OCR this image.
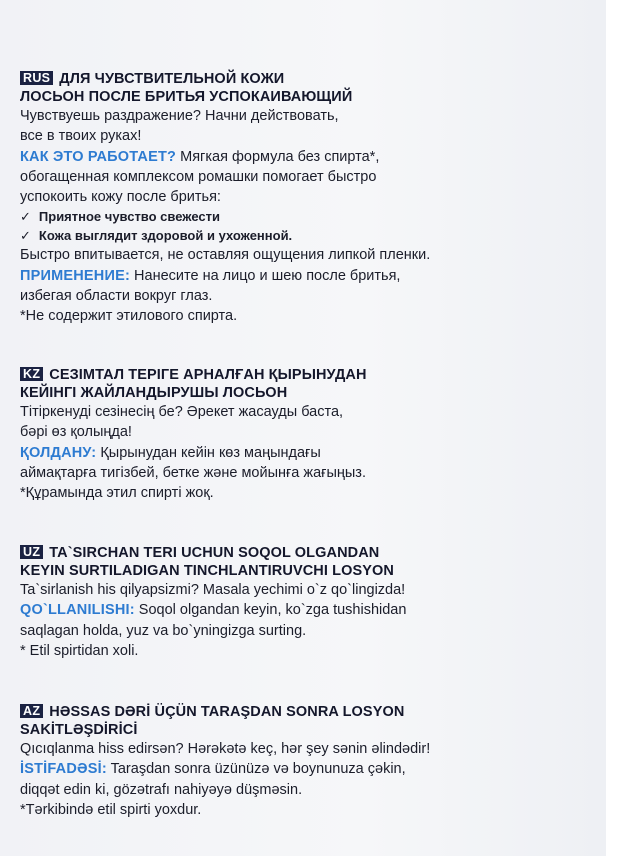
RUS ДЛЯ ЧУВСТВИТЕЛЬНОЙ КОЖИ

ЛОСЬОН ПОСЛЕ БРИТЬЯ УСПОКАИВАЮЩИЙ

Чувствуешь раздражение? Начни действовать,

все в твоих руках!

КАК ЭТО РАБОТАЕТ? Мягкая формула без спирта*,

обогащенная комплексом ромашки помогает быстро

успокоить кожу после бритья:

✓ Приятное чувство свежести

✓ Кожа выглядит здоровой и ухоженной.

Быстро впитывается, не оставляя ощущения липкой пленки.

ПРИМЕНЕНИЕ: Нанесите на лицо и шею после бритья,

избегая области вокруг глаз.

*Не содержит этилового спирта.

KZ СЕЗІМТАЛ ТЕРІГЕ АРНАЛҒАН ҚЫРЫНУДАН

КЕЙІНГІ ЖАЙЛАНДЫРУШЫ ЛОСЬОН

Тітіркенуді сезінесің бе? Әрекет жасауды баста,

бәрі өз қолыңда!

ҚОЛДАНУ: Қырынудан кейін көз маңындағы

аймақтарға тигізбей, бетке және мойынға жағыңыз.

*Құрамында этил спирті жоқ.

UZ TA`SIRCHAN TERI UCHUN SOQOL OLGANDAN

KEYIN SURTILADIGAN TINCHLANTIRUVCHI LOSYON

Ta`sirlanish his qilyapsizmi? Masala yechimi o`z qo`lingizda!

QO`LLANILISHI: Soqol olgandan keyin, ko`zga tushishidan

saqlagan holda, yuz va bo`yningizga surting.

* Etil spirtidan xoli.

AZ HƏSSAS DƏRİ ÜÇÜN TARAŞDAN SONRA LOSYON

SAKİTLƏŞDİRİCİ

Qıcıqlanma hiss edirsən? Hərəkətə keç, hər şey sənin əlindədir!

İSTİFADƏSİ: Taraşdan sonra üzünüzə və boynunuza çəkin,

diqqət edin ki, gözətrafı nahiyəyə düşməsin.

*Tərkibində etil spirti yoxdur.
